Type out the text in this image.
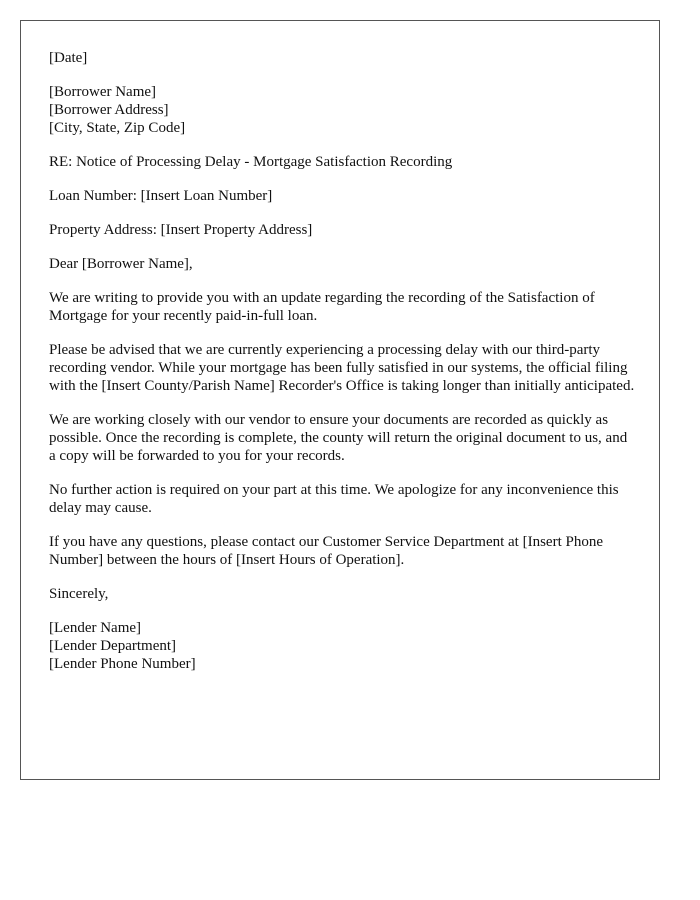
[Date]
[Borrower Name]
[Borrower Address]
[City, State, Zip Code]
RE: Notice of Processing Delay - Mortgage Satisfaction Recording
Loan Number: [Insert Loan Number]
Property Address: [Insert Property Address]
Dear [Borrower Name],

We are writing to provide you with an update regarding the recording of the Satisfaction of Mortgage for your recently paid-in-full loan.

Please be advised that we are currently experiencing a processing delay with our third-party recording vendor. While your mortgage has been fully satisfied in our systems, the official filing with the [Insert County/Parish Name] Recorder's Office is taking longer than initially anticipated.

We are working closely with our vendor to ensure your documents are recorded as quickly as possible. Once the recording is complete, the county will return the original document to us, and a copy will be forwarded to you for your records.

No further action is required on your part at this time. We apologize for any inconvenience this delay may cause.

If you have any questions, please contact our Customer Service Department at [Insert Phone Number] between the hours of [Insert Hours of Operation].

Sincerely,
[Lender Name]
[Lender Department]
[Lender Phone Number]
